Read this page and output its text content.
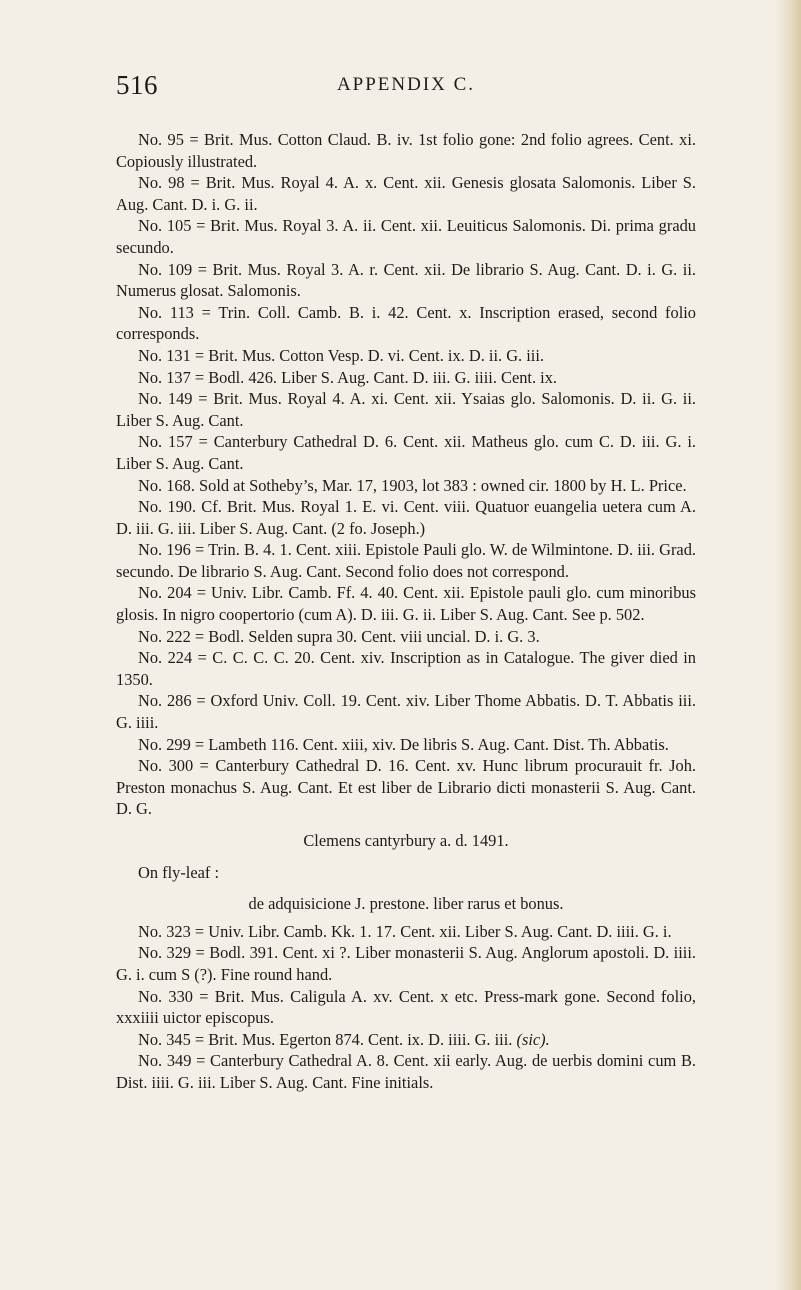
516	APPENDIX C.

No. 95 = Brit. Mus. Cotton Claud. B. iv. 1st folio gone: 2nd folio agrees. Cent. xi. Copiously illustrated.

No. 98 = Brit. Mus. Royal 4. A. x. Cent. xii. Genesis glosata Salomonis. Liber S. Aug. Cant. D. i. G. ii.

No. 105 = Brit. Mus. Royal 3. A. ii. Cent. xii. Leuiticus Salomonis. Di. prima gradu secundo.

No. 109 = Brit. Mus. Royal 3. A. r. Cent. xii. De librario S. Aug. Cant. D. i. G. ii. Numerus glosat. Salomonis.

No. 113 = Trin. Coll. Camb. B. i. 42. Cent. x. Inscription erased, second folio corresponds.

No. 131 = Brit. Mus. Cotton Vesp. D. vi. Cent. ix. D. ii. G. iii.

No. 137 = Bodl. 426. Liber S. Aug. Cant. D. iii. G. iiii. Cent. ix.

No. 149 = Brit. Mus. Royal 4. A. xi. Cent. xii. Ysaias glo. Salomonis. D. ii. G. ii. Liber S. Aug. Cant.

No. 157 = Canterbury Cathedral D. 6. Cent. xii. Matheus glo. cum C. D. iii. G. i. Liber S. Aug. Cant.

No. 168. Sold at Sotheby’s, Mar. 17, 1903, lot 383 : owned cir. 1800 by H. L. Price.

No. 190. Cf. Brit. Mus. Royal 1. E. vi. Cent. viii. Quatuor euangelia uetera cum A. D. iii. G. iii. Liber S. Aug. Cant. (2 fo. Joseph.)

No. 196 = Trin. B. 4. 1. Cent. xiii. Epistole Pauli glo. W. de Wilmintone. D. iii. Grad. secundo. De librario S. Aug. Cant. Second folio does not correspond.

No. 204 = Univ. Libr. Camb. Ff. 4. 40. Cent. xii. Epistole pauli glo. cum minoribus glosis. In nigro coopertorio (cum A). D. iii. G. ii. Liber S. Aug. Cant. See p. 502.

No. 222 = Bodl. Selden supra 30. Cent. viii uncial. D. i. G. 3.

No. 224 = C. C. C. C. 20. Cent. xiv. Inscription as in Catalogue. The giver died in 1350.

No. 286 = Oxford Univ. Coll. 19. Cent. xiv. Liber Thome Abbatis. D. T. Abbatis iii. G. iiii.

No. 299 = Lambeth 116. Cent. xiii, xiv. De libris S. Aug. Cant. Dist. Th. Abbatis.

No. 300 = Canterbury Cathedral D. 16. Cent. xv. Hunc librum procurauit fr. Joh. Preston monachus S. Aug. Cant. Et est liber de Librario dicti monasterii S. Aug. Cant. D. G.

Clemens cantyrbury a. d. 1491.

On fly-leaf :

de adquisicione J. prestone. liber rarus et bonus.

No. 323 = Univ. Libr. Camb. Kk. 1. 17. Cent. xii. Liber S. Aug. Cant. D. iiii. G. i.

No. 329 = Bodl. 391. Cent. xi ?. Liber monasterii S. Aug. Anglorum apostoli. D. iiii. G. i. cum S (?). Fine round hand.

No. 330 = Brit. Mus. Caligula A. xv. Cent. x etc. Press-mark gone. Second folio, xxxiiii uictor episcopus.

No. 345 = Brit. Mus. Egerton 874. Cent. ix. D. iiii. G. iii. (sic).

No. 349 = Canterbury Cathedral A. 8. Cent. xii early. Aug. de uerbis domini cum B. Dist. iiii. G. iii. Liber S. Aug. Cant. Fine initials.
